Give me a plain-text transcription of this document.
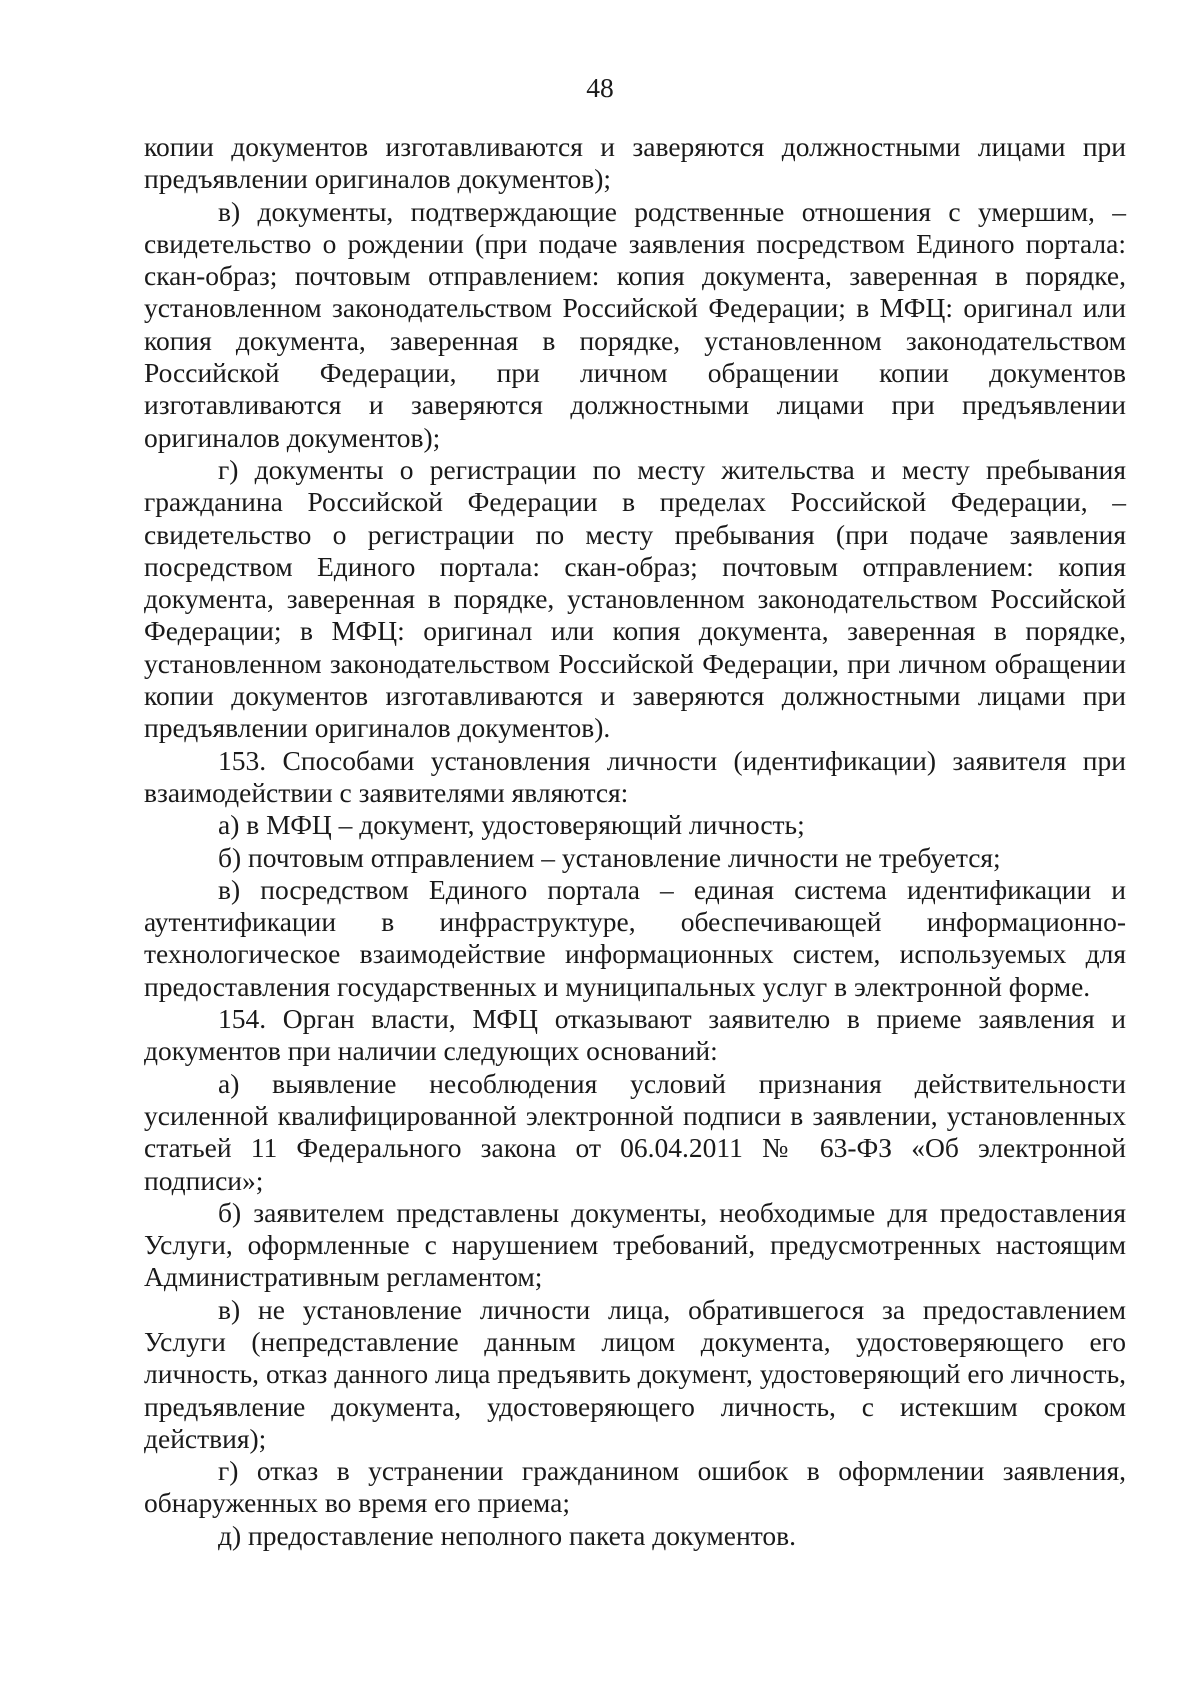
48

копии документов изготавливаются и заверяются должностными лицами при предъявлении оригиналов документов);

в) документы, подтверждающие родственные отношения с умершим, – свидетельство о рождении (при подаче заявления посредством Единого портала: скан-образ; почтовым отправлением: копия документа, заверенная в порядке, установленном законодательством Российской Федерации; в МФЦ: оригинал или копия документа, заверенная в порядке, установленном законодательством Российской Федерации, при личном обращении копии документов изготавливаются и заверяются должностными лицами при предъявлении оригиналов документов);

г) документы о регистрации по месту жительства и месту пребывания гражданина Российской Федерации в пределах Российской Федерации, – свидетельство о регистрации по месту пребывания (при подаче заявления посредством Единого портала: скан-образ; почтовым отправлением: копия документа, заверенная в порядке, установленном законодательством Российской Федерации; в МФЦ: оригинал или копия документа, заверенная в порядке, установленном законодательством Российской Федерации, при личном обращении копии документов изготавливаются и заверяются должностными лицами при предъявлении оригиналов документов).

153. Способами установления личности (идентификации) заявителя при взаимодействии с заявителями являются:

а) в МФЦ – документ, удостоверяющий личность;

б) почтовым отправлением – установление личности не требуется;

в) посредством Единого портала – единая система идентификации и аутентификации в инфраструктуре, обеспечивающей информационно-технологическое взаимодействие информационных систем, используемых для предоставления государственных и муниципальных услуг в электронной форме.

154. Орган власти, МФЦ отказывают заявителю в приеме заявления и документов при наличии следующих оснований:

а) выявление несоблюдения условий признания действительности усиленной квалифицированной электронной подписи в заявлении, установленных статьей 11 Федерального закона от 06.04.2011 № 63-ФЗ «Об электронной подписи»;

б) заявителем представлены документы, необходимые для предоставления Услуги, оформленные с нарушением требований, предусмотренных настоящим Административным регламентом;

в) не установление личности лица, обратившегося за предоставлением Услуги (непредставление данным лицом документа, удостоверяющего его личность, отказ данного лица предъявить документ, удостоверяющий его личность, предъявление документа, удостоверяющего личность, с истекшим сроком действия);

г) отказ в устранении гражданином ошибок в оформлении заявления, обнаруженных во время его приема;

д) предоставление неполного пакета документов.
